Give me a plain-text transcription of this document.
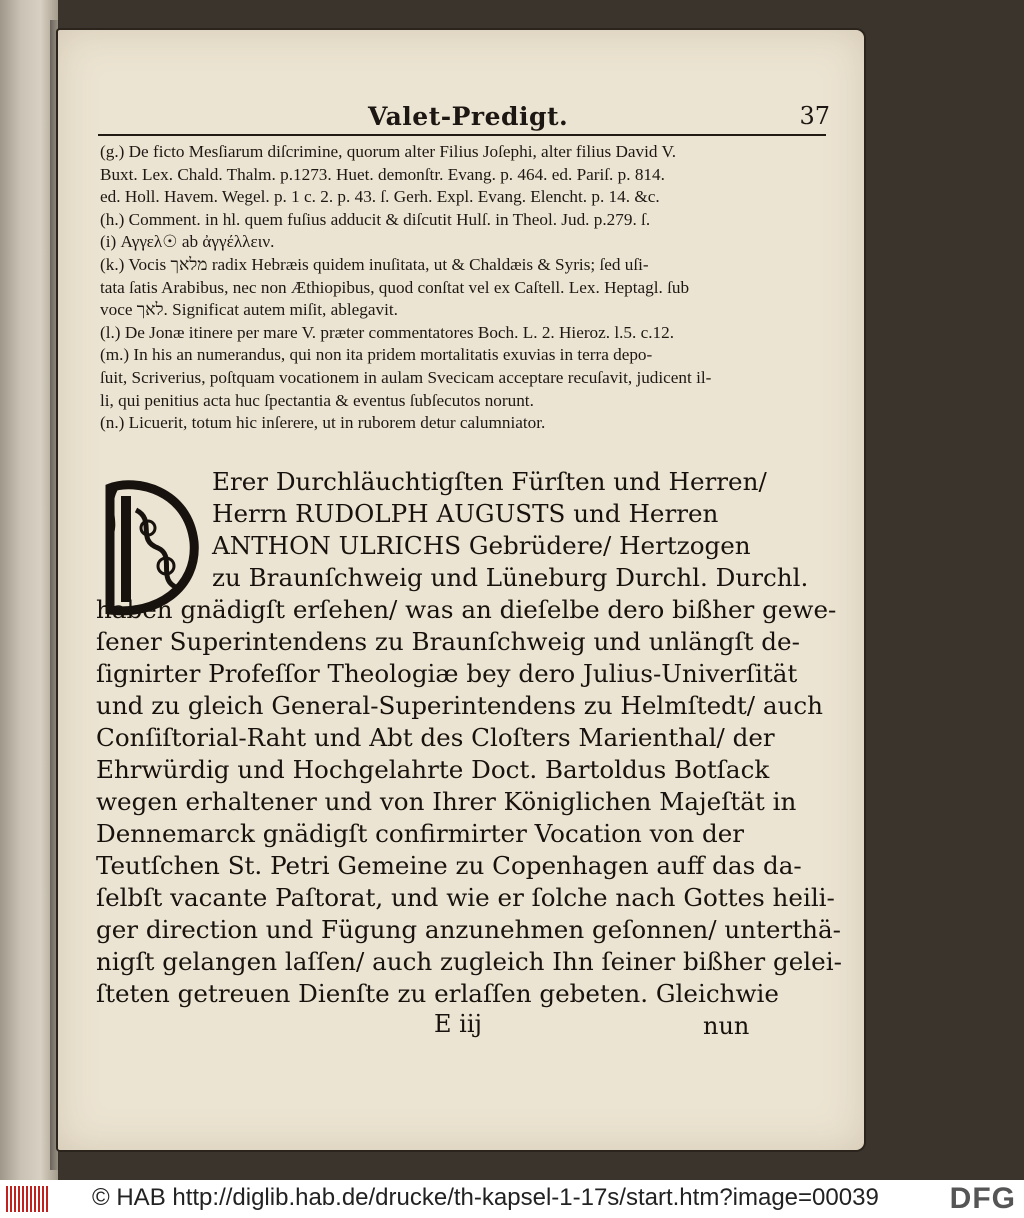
Valet-Predigt.	37

(g.) De ficto Mesſiarum diſcrimine, quorum alter Filius Joſephi, alter filius David V.

Buxt. Lex. Chald. Thalm. p.1273. Huet. demonſtr. Evang. p. 464. ed. Pariſ. p. 814.

ed. Holl. Havem. Wegel. p. 1 c. 2. p. 43. ſ. Gerh. Expl. Evang. Elencht. p. 14. &c.

(h.) Comment. in hl. quem fuſius adducit & diſcutit Hulſ. in Theol. Jud. p.279. ſ.

(i) Αγγελ☉ ab ἀγγέλλειν.

(k.) Vocis מלאך radix Hebræis quidem inuſitata, ut & Chaldæis & Syris; ſed uſi-

tata ſatis Arabibus, nec non Æthiopibus, quod conſtat vel ex Caſtell. Lex. Heptagl. ſub

voce לאך. Significat autem miſit, ablegavit.

(l.) De Jonæ itinere per mare V. præter commentatores Boch. L. 2. Hieroz. l.5. c.12.

(m.) In his an numerandus, qui non ita pridem mortalitatis exuvias in terra depo-

ſuit, Scriverius, poſtquam vocationem in aulam Svecicam acceptare recuſavit, judicent il-

li, qui penitius acta huc ſpectantia & eventus ſubſecutos norunt.

(n.) Licuerit, totum hic inſerere, ut in ruborem detur calumniator.

Erer Durchläuchtigſten Fürſten und Herren/
Herrn RUDOLPH AUGUSTS und Herren
ANTHON ULRICHS Gebrüdere/ Hertzogen
zu Braunſchweig und Lüneburg Durchl. Durchl.
haben gnädigſt erſehen/ was an dieſelbe dero bißher gewe-
ſener Superintendens zu Braunſchweig und unlängſt de-
ſignirter Profeſſor Theologiæ bey dero Julius-Univerſität
und zu gleich General-Superintendens zu Helmſtedt/ auch
Conſiſtorial-Raht und Abt des Cloſters Marienthal/ der
Ehrwürdig und Hochgelahrte Doct. Bartoldus Botſack
wegen erhaltener und von Ihrer Königlichen Majeſtät in
Dennemarck gnädigſt confirmirter Vocation von der
Teutſchen St. Petri Gemeine zu Copenhagen auff das da-
ſelbſt vacante Paſtorat, und wie er ſolche nach Gottes heili-
ger direction und Fügung anzunehmen geſonnen/ unterthä-
nigſt gelangen laſſen/ auch zugleich Ihn ſeiner bißher gelei-
ſteten getreuen Dienſte zu erlaſſen gebeten. Gleichwie
E iij	nun
© HAB http://diglib.hab.de/drucke/th-kapsel-1-17s/start.htm?image=00039 DFG
